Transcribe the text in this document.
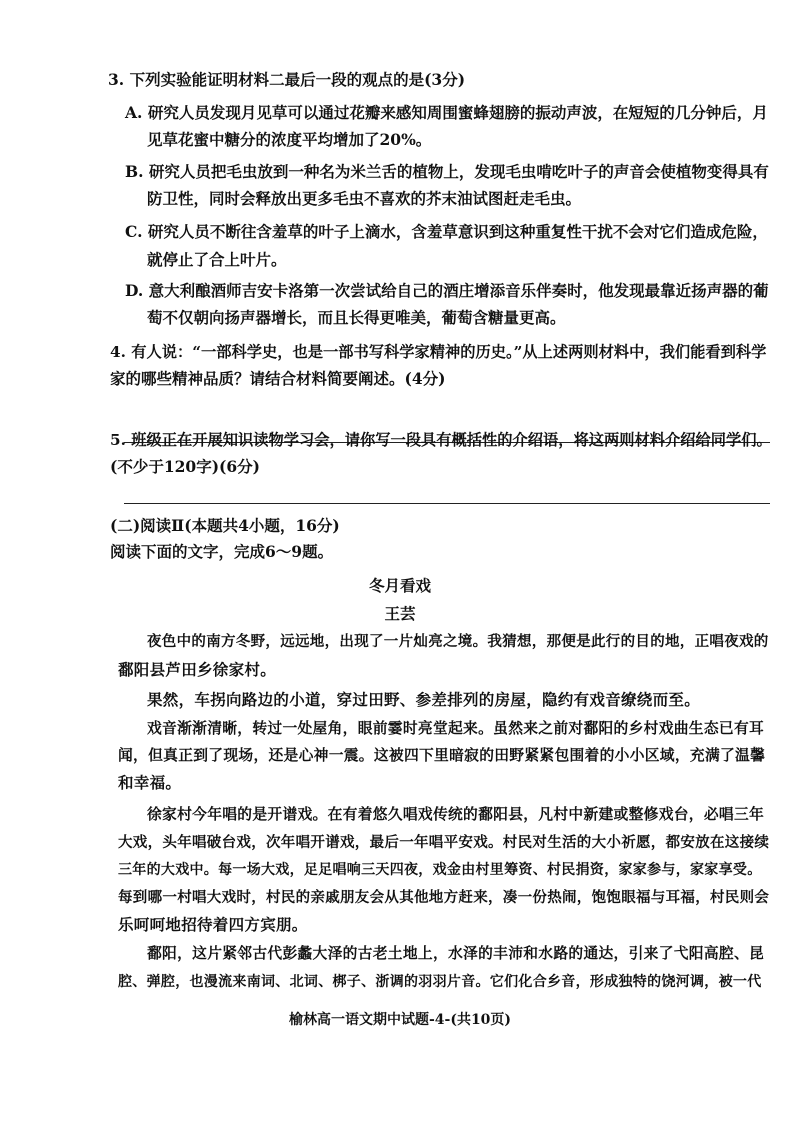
3. 下列实验能证明材料二最后一段的观点的是(3分)
A. 研究人员发现月见草可以通过花瓣来感知周围蜜蜂翅膀的振动声波，在短短的几分钟后，月
见草花蜜中糖分的浓度平均增加了20%。
B. 研究人员把毛虫放到一种名为米兰舌的植物上，发现毛虫啃吃叶子的声音会使植物变得具有
防卫性，同时会释放出更多毛虫不喜欢的芥末油试图赶走毛虫。
C. 研究人员不断往含羞草的叶子上滴水，含羞草意识到这种重复性干扰不会对它们造成危险，
就停止了合上叶片。
D. 意大利酿酒师吉安卡洛第一次尝试给自己的酒庄增添音乐伴奏时，他发现最靠近扬声器的葡
萄不仅朝向扬声器增长，而且长得更唯美，葡萄含糖量更高。
4. 有人说：“一部科学史，也是一部书写科学家精神的历史。”从上述两则材料中，我们能看到科学
家的哪些精神品质？请结合材料简要阐述。(4分)
5. 班级正在开展知识读物学习会，请你写一段具有概括性的介绍语，将这两则材料介绍给同学们。
(不少于120字)(6分)
(二)阅读Ⅱ(本题共4小题，16分)
阅读下面的文字，完成6～9题。
冬月看戏
王芸
夜色中的南方冬野，远远地，出现了一片灿亮之境。我猜想，那便是此行的目的地，正唱夜戏的
鄱阳县芦田乡徐家村。
果然，车拐向路边的小道，穿过田野、参差排列的房屋，隐约有戏音缭绕而至。
戏音渐渐清晰，转过一处屋角，眼前霎时亮堂起来。虽然来之前对鄱阳的乡村戏曲生态已有耳
闻，但真正到了现场，还是心神一震。这被四下里暗寂的田野紧紧包围着的小小区域，充满了温馨
和幸福。
徐家村今年唱的是开谱戏。在有着悠久唱戏传统的鄱阳县，凡村中新建或整修戏台，必唱三年
大戏，头年唱破台戏，次年唱开谱戏，最后一年唱平安戏。村民对生活的大小祈愿，都安放在这接续
三年的大戏中。每一场大戏，足足唱响三天四夜，戏金由村里筹资、村民捐资，家家参与，家家享受。
每到哪一村唱大戏时，村民的亲戚朋友会从其他地方赶来，凑一份热闹，饱饱眼福与耳福，村民则会
乐呵呵地招待着四方宾朋。
鄱阳，这片紧邻古代彭蠡大泽的古老土地上，水泽的丰沛和水路的通达，引来了弋阳高腔、昆
腔、弹腔，也漫流来南词、北词、梆子、浙调的羽羽片音。它们化合乡音，形成独特的饶河调，被一代
榆林高一语文期中试题-4-(共10页)
